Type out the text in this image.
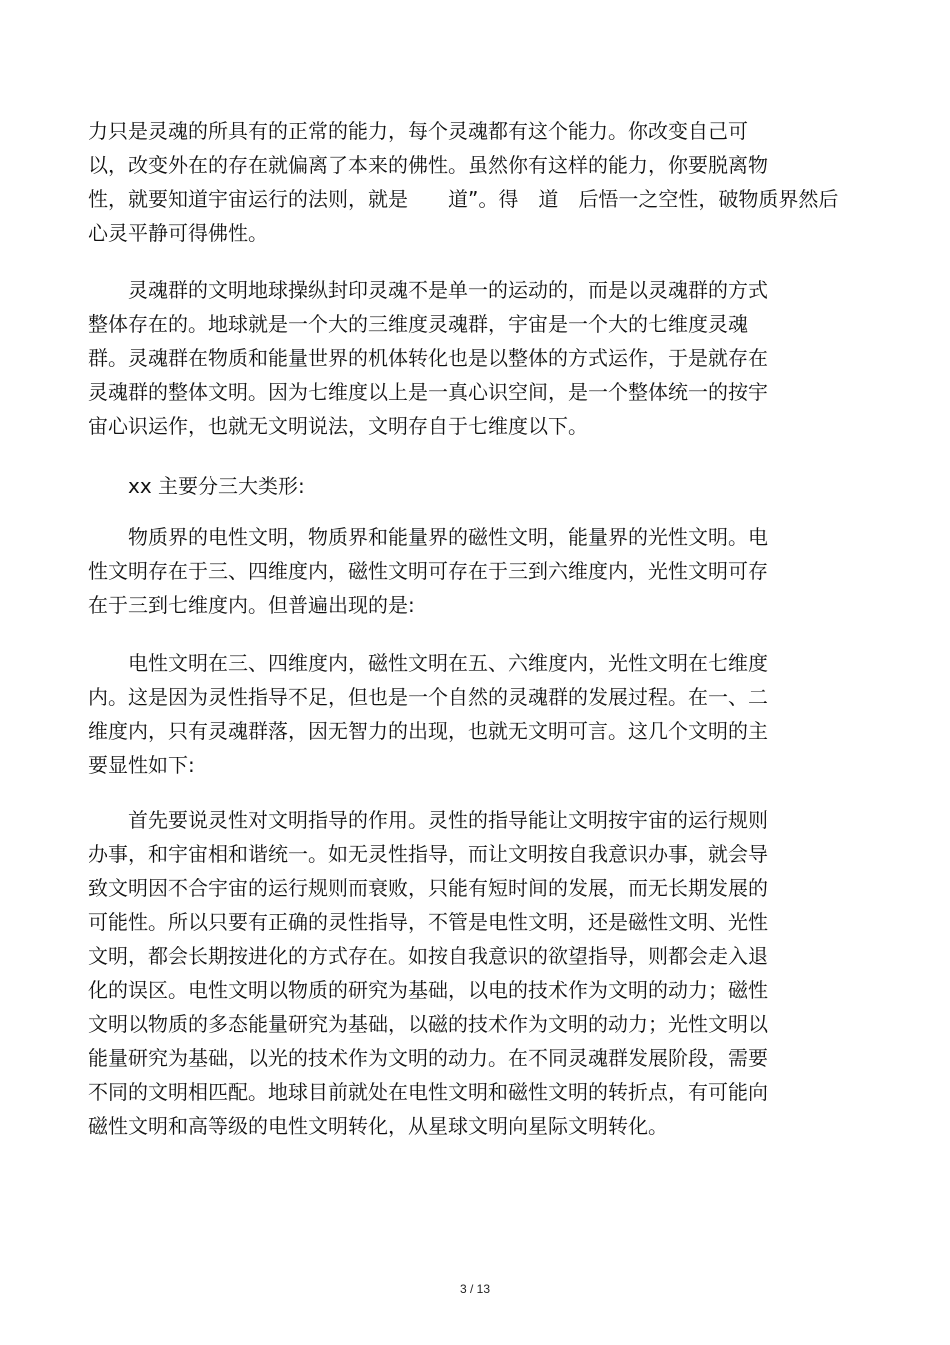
力只是灵魂的所具有的正常的能力，每个灵魂都有这个能力。你改变自己可
以，改变外在的存在就偏离了本来的佛性。虽然你有这样的能力，你要脱离物
性，就要知道宇宙运行的法则，就是　　道”。得　道　后悟一之空性，破物质界然后
心灵平静可得佛性。
灵魂群的文明地球操纵封印灵魂不是单一的运动的，而是以灵魂群的方式
整体存在的。地球就是一个大的三维度灵魂群，宇宙是一个大的七维度灵魂
群。灵魂群在物质和能量世界的机体转化也是以整体的方式运作，于是就存在
灵魂群的整体文明。因为七维度以上是一真心识空间，是一个整体统一的按宇
宙心识运作，也就无文明说法，文明存自于七维度以下。
xx 主要分三大类形:
物质界的电性文明，物质界和能量界的磁性文明，能量界的光性文明。电
性文明存在于三、四维度内，磁性文明可存在于三到六维度内，光性文明可存
在于三到七维度内。但普遍出现的是:
电性文明在三、四维度内，磁性文明在五、六维度内，光性文明在七维度
内。这是因为灵性指导不足，但也是一个自然的灵魂群的发展过程。在一、二
维度内，只有灵魂群落，因无智力的出现，也就无文明可言。这几个文明的主
要显性如下:
首先要说灵性对文明指导的作用。灵性的指导能让文明按宇宙的运行规则
办事，和宇宙相和谐统一。如无灵性指导，而让文明按自我意识办事，就会导
致文明因不合宇宙的运行规则而衰败，只能有短时间的发展，而无长期发展的
可能性。所以只要有正确的灵性指导，不管是电性文明，还是磁性文明、光性
文明，都会长期按进化的方式存在。如按自我意识的欲望指导，则都会走入退
化的误区。电性文明以物质的研究为基础，以电的技术作为文明的动力；磁性
文明以物质的多态能量研究为基础，以磁的技术作为文明的动力；光性文明以
能量研究为基础，以光的技术作为文明的动力。在不同灵魂群发展阶段，需要
不同的文明相匹配。地球目前就处在电性文明和磁性文明的转折点，有可能向
磁性文明和高等级的电性文明转化，从星球文明向星际文明转化。
3 / 13
